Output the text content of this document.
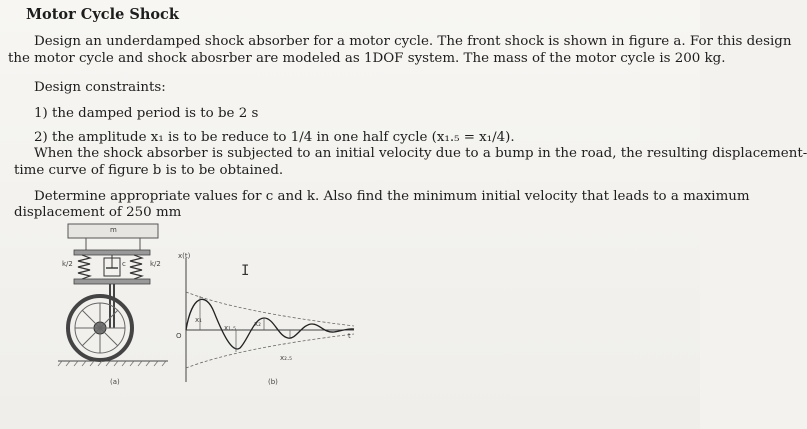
Motor Cycle Shock
Design an underdamped shock absorber for a motor cycle. The front shock is shown in figure a. For this design
the motor cycle and shock abosrber are modeled as 1DOF system. The mass of the motor cycle is 200 kg.
Design constraints:
1) the damped period is to be 2 s
2) the amplitude x₁ is to be reduce to 1/4 in one half cycle (x₁.₅ = x₁/4).
When the shock absorber is subjected to an initial velocity due to a bump in the road, the resulting displacement-
time curve of figure b is to be obtained.
Determine appropriate values for c and k. Also find the minimum initial velocity that leads to a maximum
displacement of 250 mm
m
k/2	k/2
c
(a)
x(t)
O
x₁
x₁.₅	x₂
x₂.₅
t
(b)
I
